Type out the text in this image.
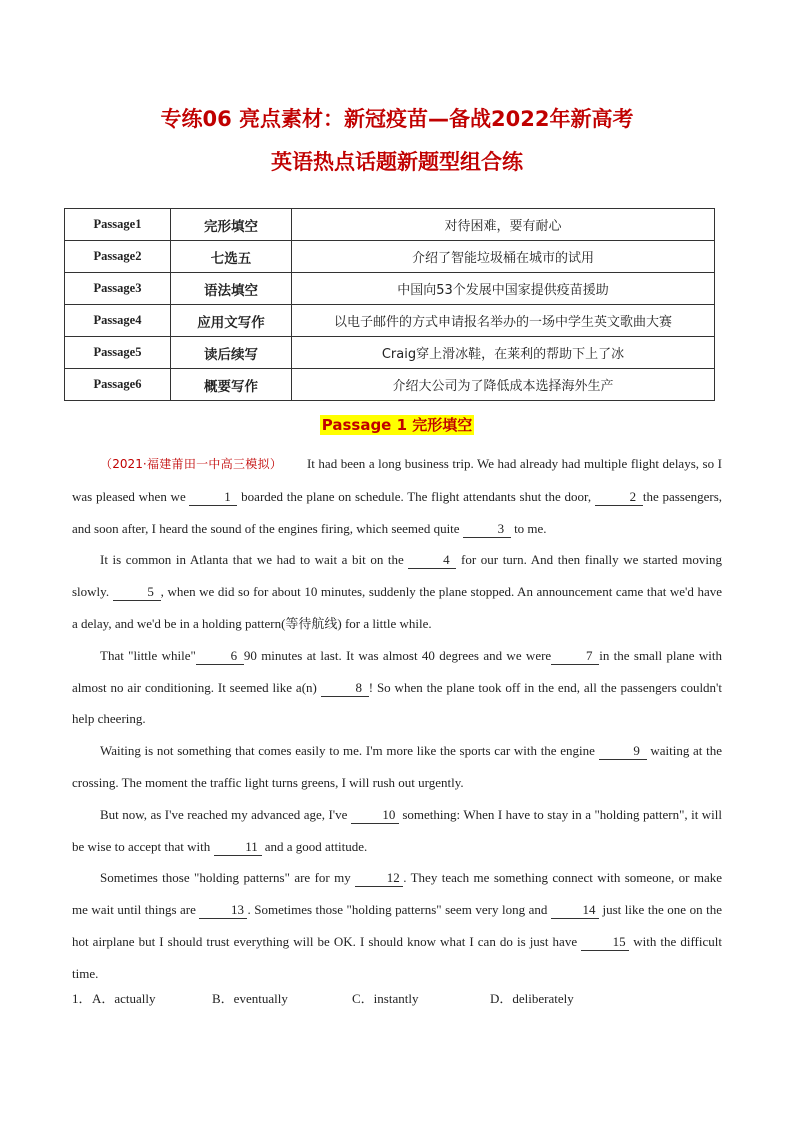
专练06 亮点素材：新冠疫苗—备战2022年新高考
英语热点话题新题型组合练
Passage1	完形填空	对待困难，要有耐心
Passage2	七选五	介绍了智能垃圾桶在城市的试用
Passage3	语法填空	中国向53个发展中国家提供疫苗援助
Passage4	应用文写作	以电子邮件的方式申请报名举办的一场中学生英文歌曲大赛
Passage5	读后续写	Craig穿上滑冰鞋，在莱利的帮助下上了冰
Passage6	概要写作	介绍大公司为了降低成本选择海外生产
Passage 1 完形填空

（2021·福建莆田一中高三模拟） It had been a long business trip. We had already had multiple flight delays, so I was pleased when we	1 boarded the plane on schedule. The flight attendants shut the door,	2 the passengers, and soon after, I heard the sound of the engines firing, which seemed quite	3 to me.

It is common in Atlanta that we had to wait a bit on the	4 for our turn. And then finally we started moving slowly.	5 , when we did so for about 10 minutes, suddenly the plane stopped. An announcement came that we'd have a delay, and we'd be in a holding pattern(等待航线) for a little while.

That "little while"	6 90 minutes at last. It was almost 40 degrees and we were	7 in the small plane with almost no air conditioning. It seemed like a(n)	8 ! So when the plane took off in the end, all the passengers couldn't help cheering.

Waiting is not something that comes easily to me. I'm more like the sports car with the engine	9 waiting at the crossing. The moment the traffic light turns greens, I will rush out urgently.

But now, as I've reached my advanced age, I've 10 something: When I have to stay in a "holding pattern", it will be wise to accept that with 11 and a good attitude.

Sometimes those "holding patterns" are for my 12 . They teach me something connect with someone, or make me wait until things are 13 . Sometimes those "holding patterns" seem very long and 14 just like the one on the hot airplane but I should trust everything will be OK. I should know what I can do is just have 15 with the difficult time.

1．A．actually	B．eventually	C．instantly	D．deliberately
